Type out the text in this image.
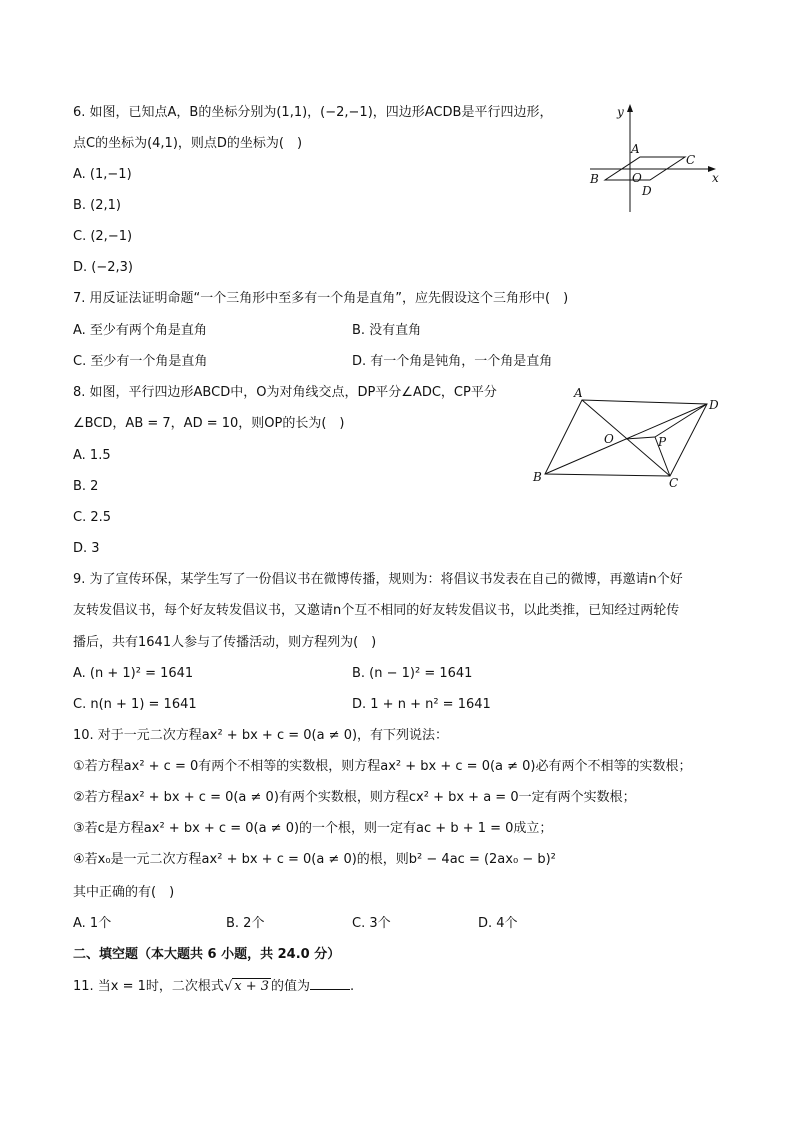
6. 如图，已知点A，B的坐标分别为(1,1)，(−2,−1)，四边形ACDB是平行四边形，
点C的坐标为(4,1)，则点D的坐标为(　)
A. (1,−1)
B. (2,1)
C. (2,−1)
D. (−2,3)
y
x
A
C
B	O
D
7. 用反证法证明命题“一个三角形中至多有一个角是直角”，应先假设这个三角形中(　)
A. 至少有两个角是直角	B. 没有直角
C. 至少有一个角是直角	D. 有一个角是钝角，一个角是直角
8. 如图，平行四边形ABCD中，O为对角线交点，DP平分∠ADC，CP平分
∠BCD，AB = 7，AD = 10，则OP的长为(　)
A. 1.5
B. 2
C. 2.5
D. 3
A
D
O	P
B	C
9. 为了宣传环保，某学生写了一份倡议书在微博传播，规则为：将倡议书发表在自己的微博，再邀请n个好
友转发倡议书，每个好友转发倡议书，又邀请n个互不相同的好友转发倡议书，以此类推，已知经过两轮传
播后，共有1641人参与了传播活动，则方程列为(　)
A. (n + 1)² = 1641	B. (n − 1)² = 1641
C. n(n + 1) = 1641	D. 1 + n + n² = 1641
10. 对于一元二次方程ax² + bx + c = 0(a ≠ 0)，有下列说法：
①若方程ax² + c = 0有两个不相等的实数根，则方程ax² + bx + c = 0(a ≠ 0)必有两个不相等的实数根；
②若方程ax² + bx + c = 0(a ≠ 0)有两个实数根，则方程cx² + bx + a = 0一定有两个实数根；
③若c是方程ax² + bx + c = 0(a ≠ 0)的一个根，则一定有ac + b + 1 = 0成立；
④若x₀是一元二次方程ax² + bx + c = 0(a ≠ 0)的根，则b² − 4ac = (2ax₀ − b)²
其中正确的有(　)
A. 1个	B. 2个	C. 3个	D. 4个
二、填空题（本大题共 6 小题，共 24.0 分）
11. 当x = 1时，二次根式√ x + 3 的值为	.
